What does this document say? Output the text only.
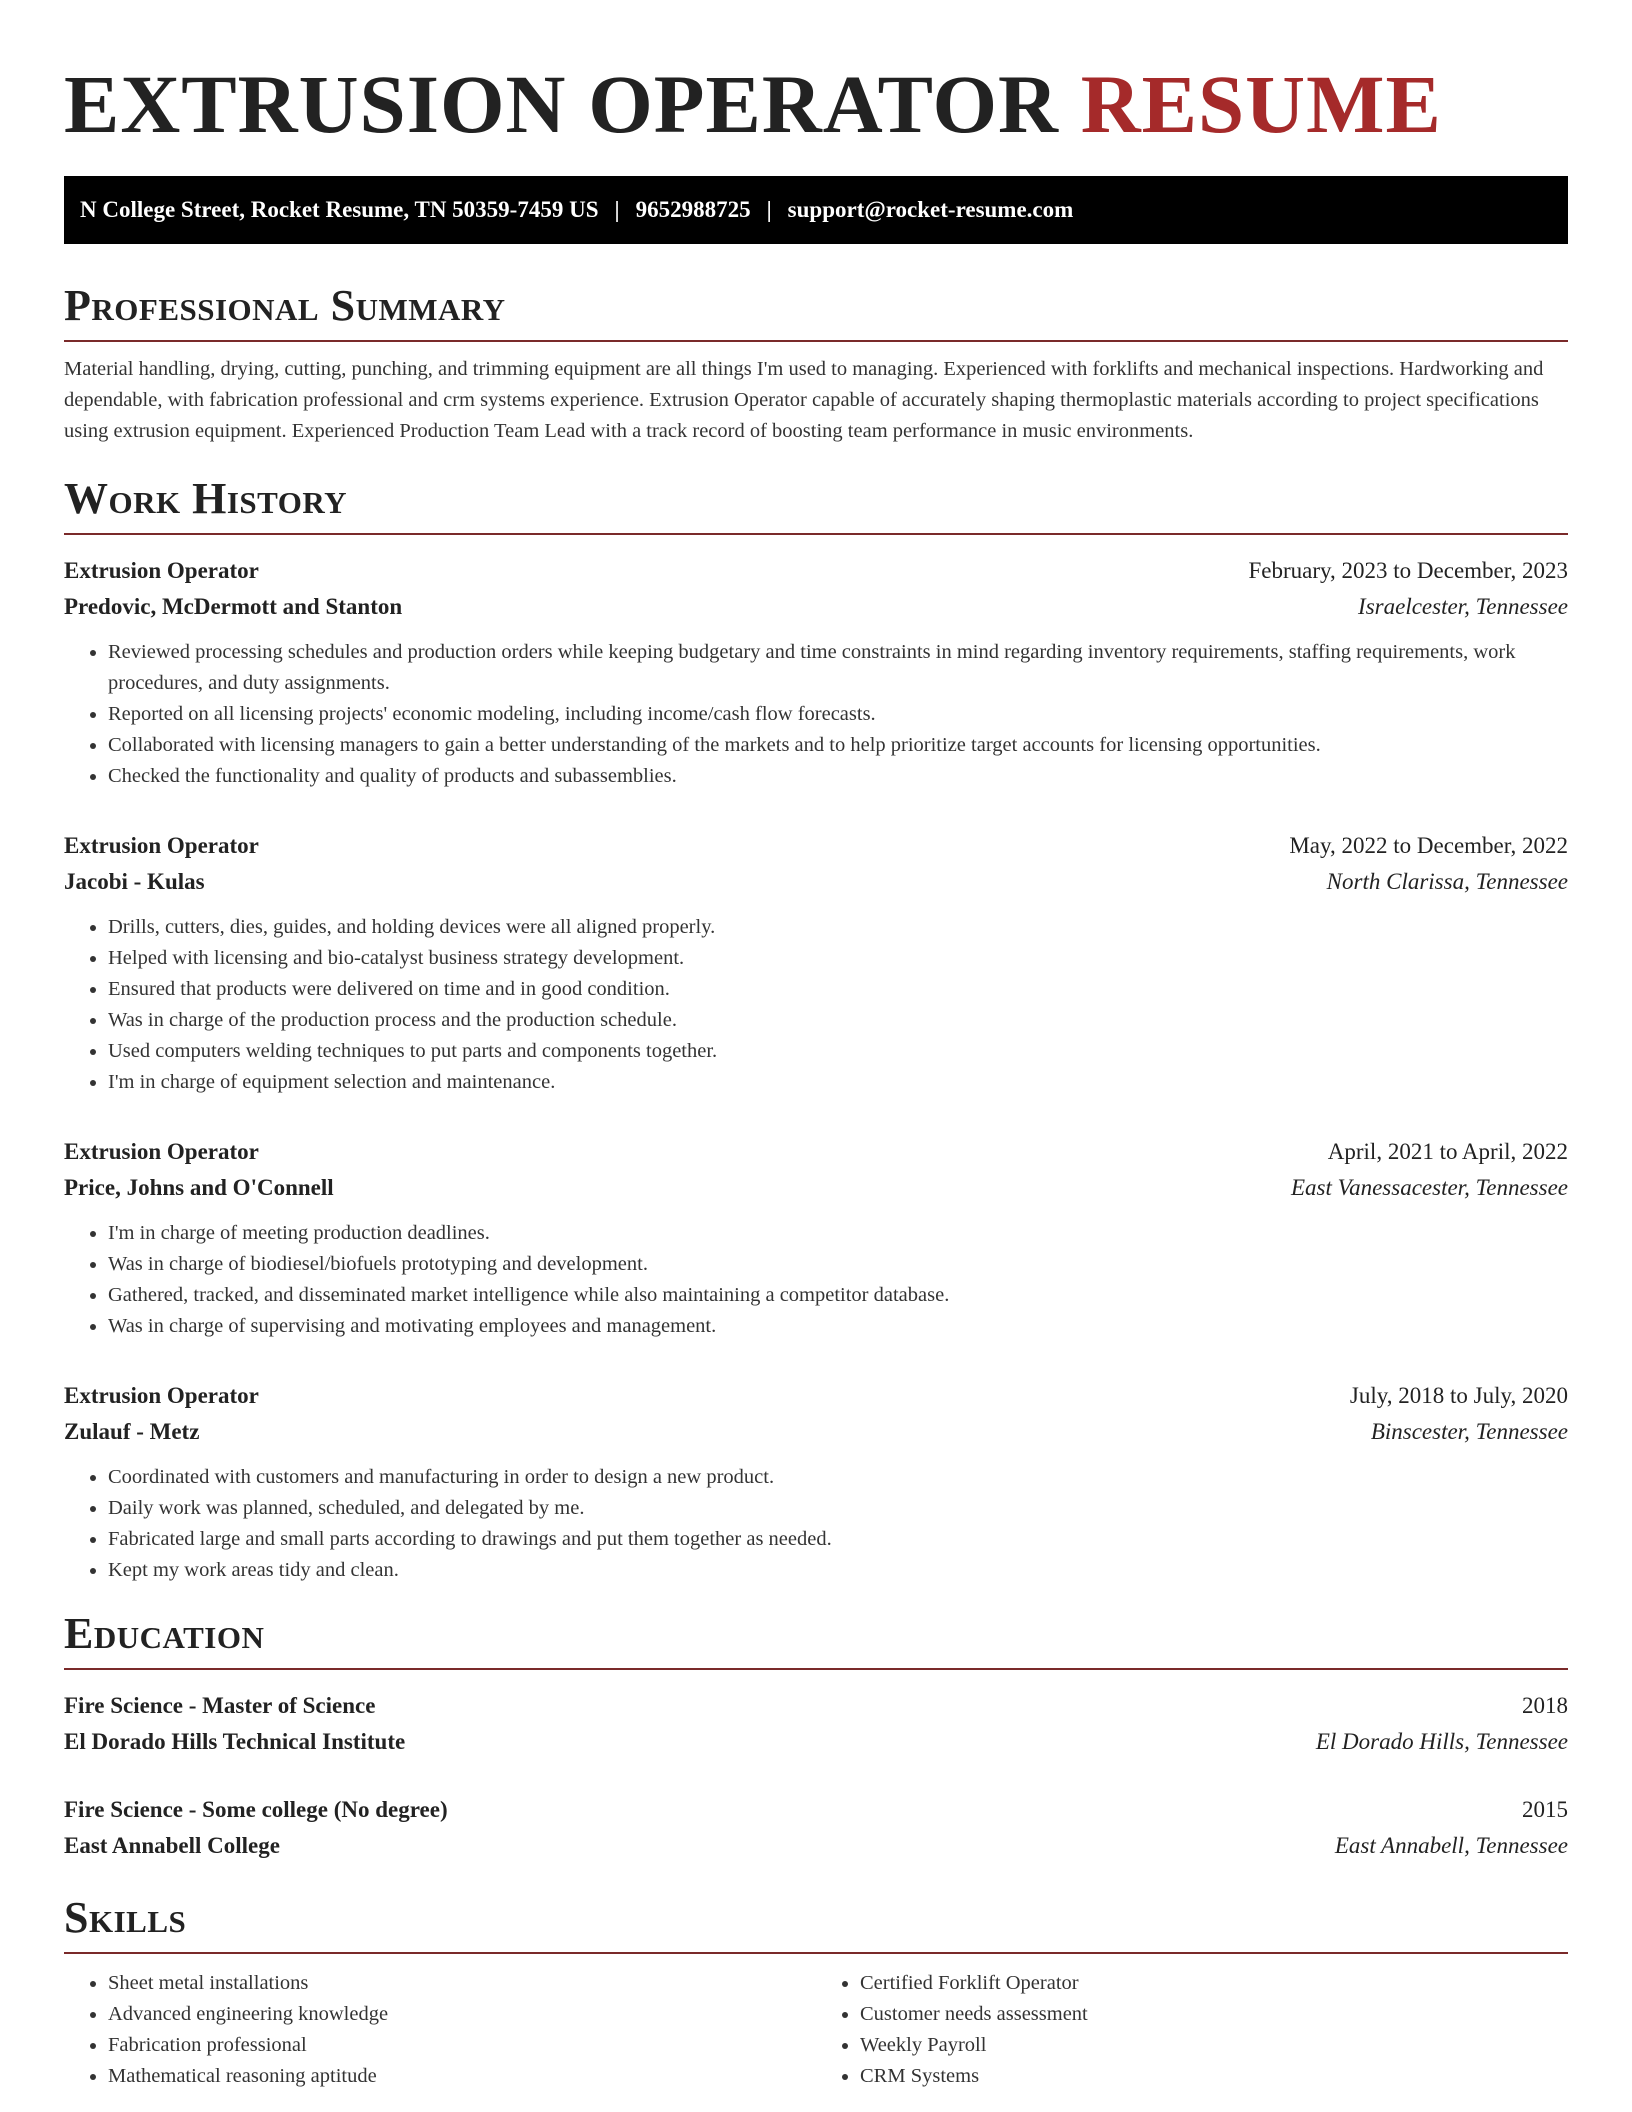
EXTRUSION OPERATOR RESUME
N College Street, Rocket Resume, TN 50359-7459 US | 9652988725 | support@rocket-resume.com
Professional Summary

Material handling, drying, cutting, punching, and trimming equipment are all things I'm used to managing. Experienced with forklifts and mechanical inspections. Hardworking and dependable, with fabrication professional and crm systems experience. Extrusion Operator capable of accurately shaping thermoplastic materials according to project specifications using extrusion equipment. Experienced Production Team Lead with a track record of boosting team performance in music environments.

Work History
Extrusion Operator	February, 2023 to December, 2023
Predovic, McDermott and Stanton	Israelcester, Tennessee
• Reviewed processing schedules and production orders while keeping budgetary and time constraints in mind regarding inventory requirements, staffing requirements, work procedures, and duty assignments.
• Reported on all licensing projects' economic modeling, including income/cash flow forecasts.
• Collaborated with licensing managers to gain a better understanding of the markets and to help prioritize target accounts for licensing opportunities.
• Checked the functionality and quality of products and subassemblies.
Extrusion Operator	May, 2022 to December, 2022
Jacobi - Kulas	North Clarissa, Tennessee
• Drills, cutters, dies, guides, and holding devices were all aligned properly.
• Helped with licensing and bio-catalyst business strategy development.
• Ensured that products were delivered on time and in good condition.
• Was in charge of the production process and the production schedule.
• Used computers welding techniques to put parts and components together.
• I'm in charge of equipment selection and maintenance.
Extrusion Operator	April, 2021 to April, 2022
Price, Johns and O'Connell	East Vanessacester, Tennessee
• I'm in charge of meeting production deadlines.
• Was in charge of biodiesel/biofuels prototyping and development.
• Gathered, tracked, and disseminated market intelligence while also maintaining a competitor database.
• Was in charge of supervising and motivating employees and management.
Extrusion Operator	July, 2018 to July, 2020
Zulauf - Metz	Binscester, Tennessee
• Coordinated with customers and manufacturing in order to design a new product.
• Daily work was planned, scheduled, and delegated by me.
• Fabricated large and small parts according to drawings and put them together as needed.
• Kept my work areas tidy and clean.
Education
Fire Science - Master of Science	2018
El Dorado Hills Technical Institute	El Dorado Hills, Tennessee
Fire Science - Some college (No degree)	2015
East Annabell College	East Annabell, Tennessee
Skills
• Sheet metal installations
• Advanced engineering knowledge
• Fabrication professional
• Mathematical reasoning aptitude
• Certified Forklift Operator
• Customer needs assessment
• Weekly Payroll
• CRM Systems
